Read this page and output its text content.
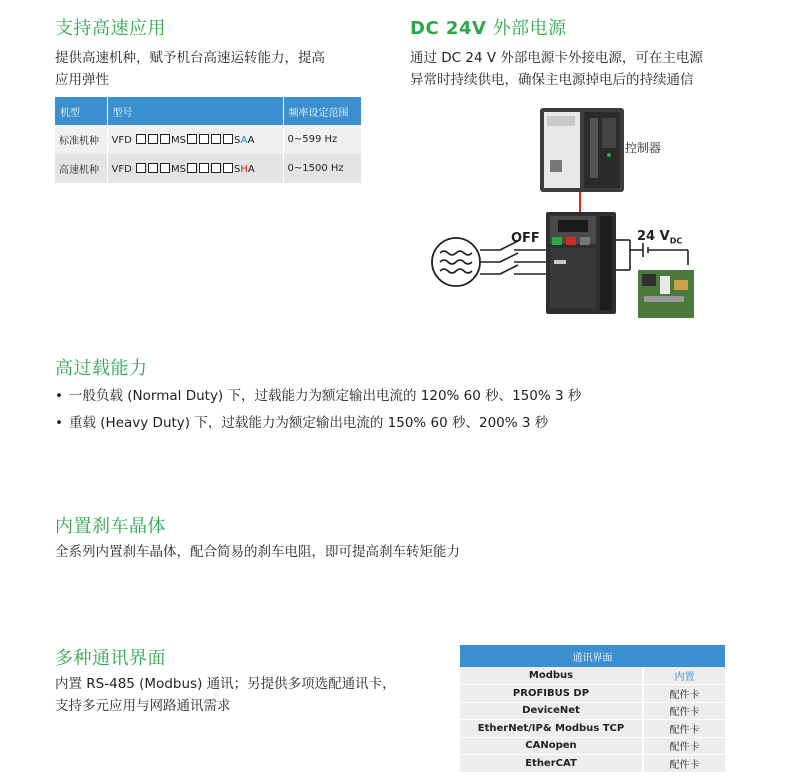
支持高速应用

提供高速机种，赋予机台高速运转能力，提高
应用弹性

机型	型号	频率设定范围
标准机种	VFD MS SAA	0~599 Hz
高速机种	VFD MS SHA	0~1500 Hz
DC 24V 外部电源

通过 DC 24 V 外部电源卡外接电源，可在主电源
异常时持续供电，确保主电源掉电后的持续通信

控制器
OFF	24 $V_{DC}$
高过载能力
• 一般负载 (Normal Duty) 下，过载能力为额定输出电流的 120% 60 秒、150% 3 秒
• 重载 (Heavy Duty) 下，过载能力为额定输出电流的 150% 60 秒、200% 3 秒
内置刹车晶体

全系列内置刹车晶体，配合简易的刹车电阻，即可提高刹车转矩能力

多种通讯界面

内置 RS-485 (Modbus) 通讯；另提供多项选配通讯卡，
支持多元应用与网路通讯需求

通讯界面	
Modbus	内置
PROFIBUS DP	配件卡
DeviceNet	配件卡
EtherNet/IP& Modbus TCP	配件卡
CANopen	配件卡
EtherCAT	配件卡
